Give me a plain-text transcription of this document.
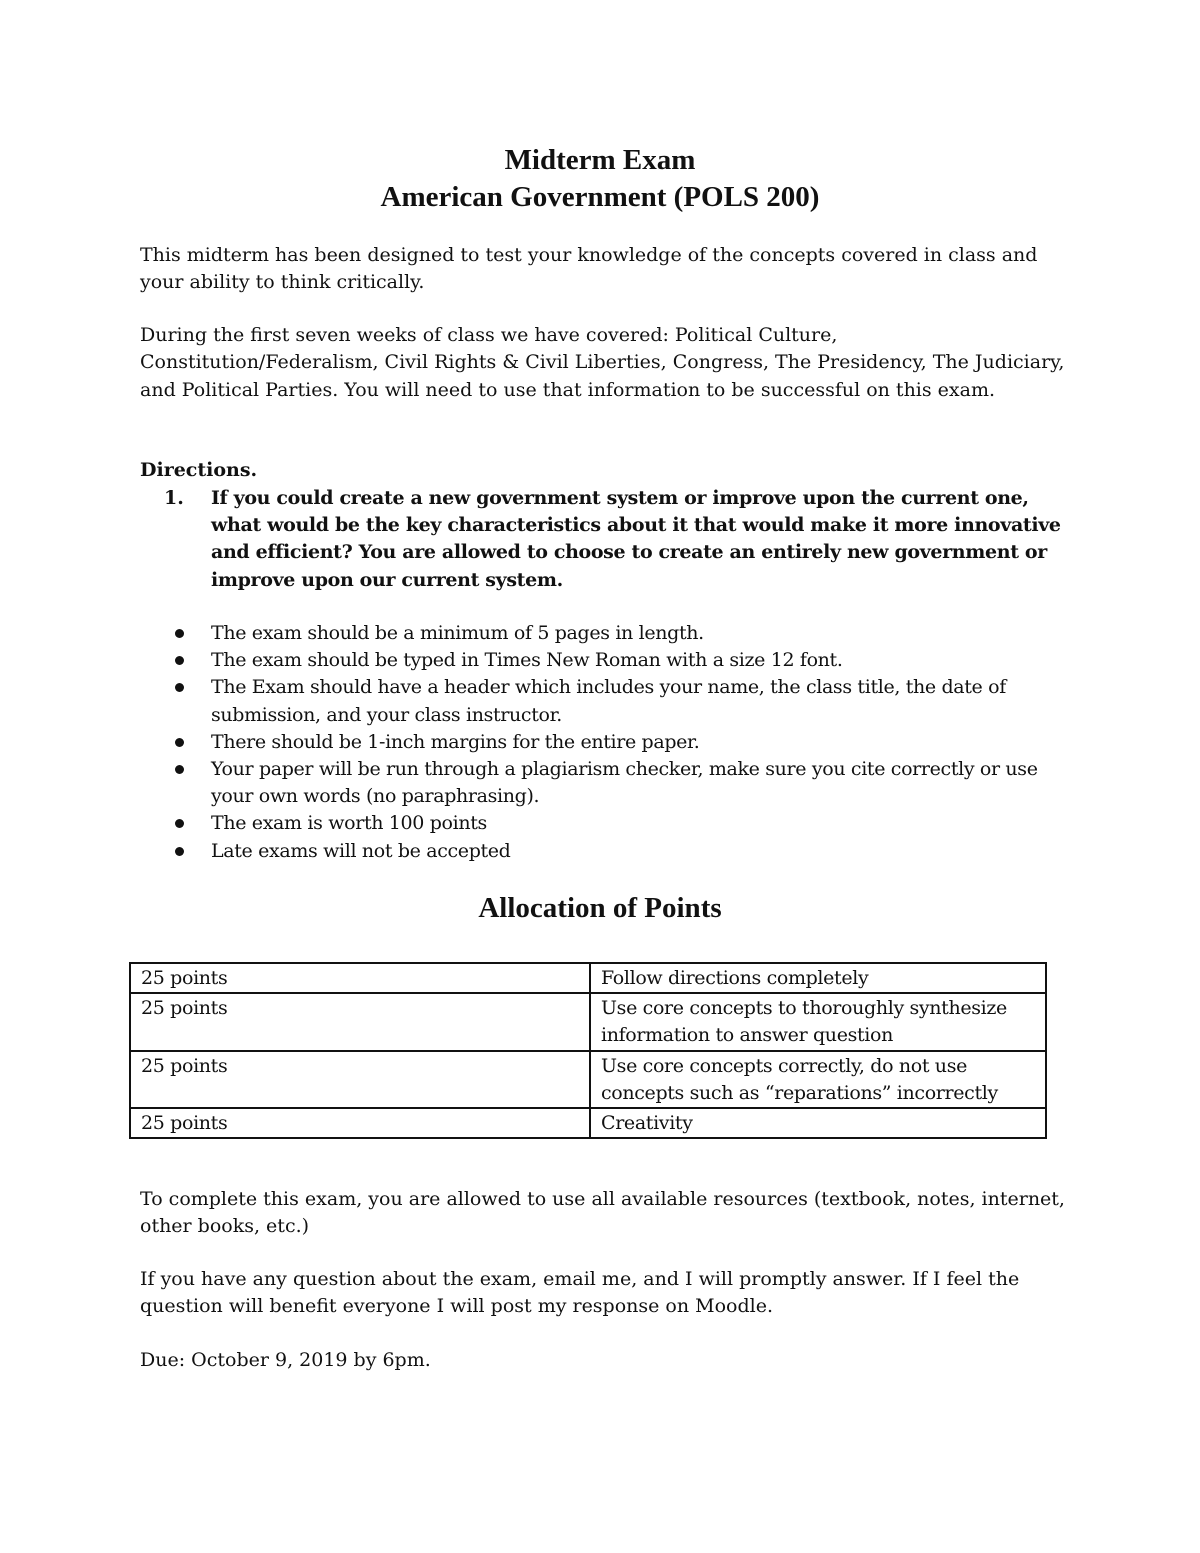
Midterm Exam
American Government (POLS 200)

This midterm has been designed to test your knowledge of the concepts covered in class and your ability to think critically.

During the first seven weeks of class we have covered: Political Culture, Constitution/Federalism, Civil Rights & Civil Liberties, Congress, The Presidency, The Judiciary, and Political Parties. You will need to use that information to be successful on this exam.

Directions.
1. If you could create a new government system or improve upon the current one, what would be the key characteristics about it that would make it more innovative and efficient? You are allowed to choose to create an entirely new government or improve upon our current system.
The exam should be a minimum of 5 pages in length.
The exam should be typed in Times New Roman with a size 12 font.
The Exam should have a header which includes your name, the class title, the date of submission, and your class instructor.
There should be 1-inch margins for the entire paper.
Your paper will be run through a plagiarism checker, make sure you cite correctly or use your own words (no paraphrasing).
The exam is worth 100 points
Late exams will not be accepted
Allocation of Points
25 points	Follow directions completely
25 points	Use core concepts to thoroughly synthesize information to answer question
25 points	Use core concepts correctly, do not use concepts such as “reparations” incorrectly
25 points	Creativity

To complete this exam, you are allowed to use all available resources (textbook, notes, internet, other books, etc.)

If you have any question about the exam, email me, and I will promptly answer. If I feel the question will benefit everyone I will post my response on Moodle.

Due: October 9, 2019 by 6pm.
